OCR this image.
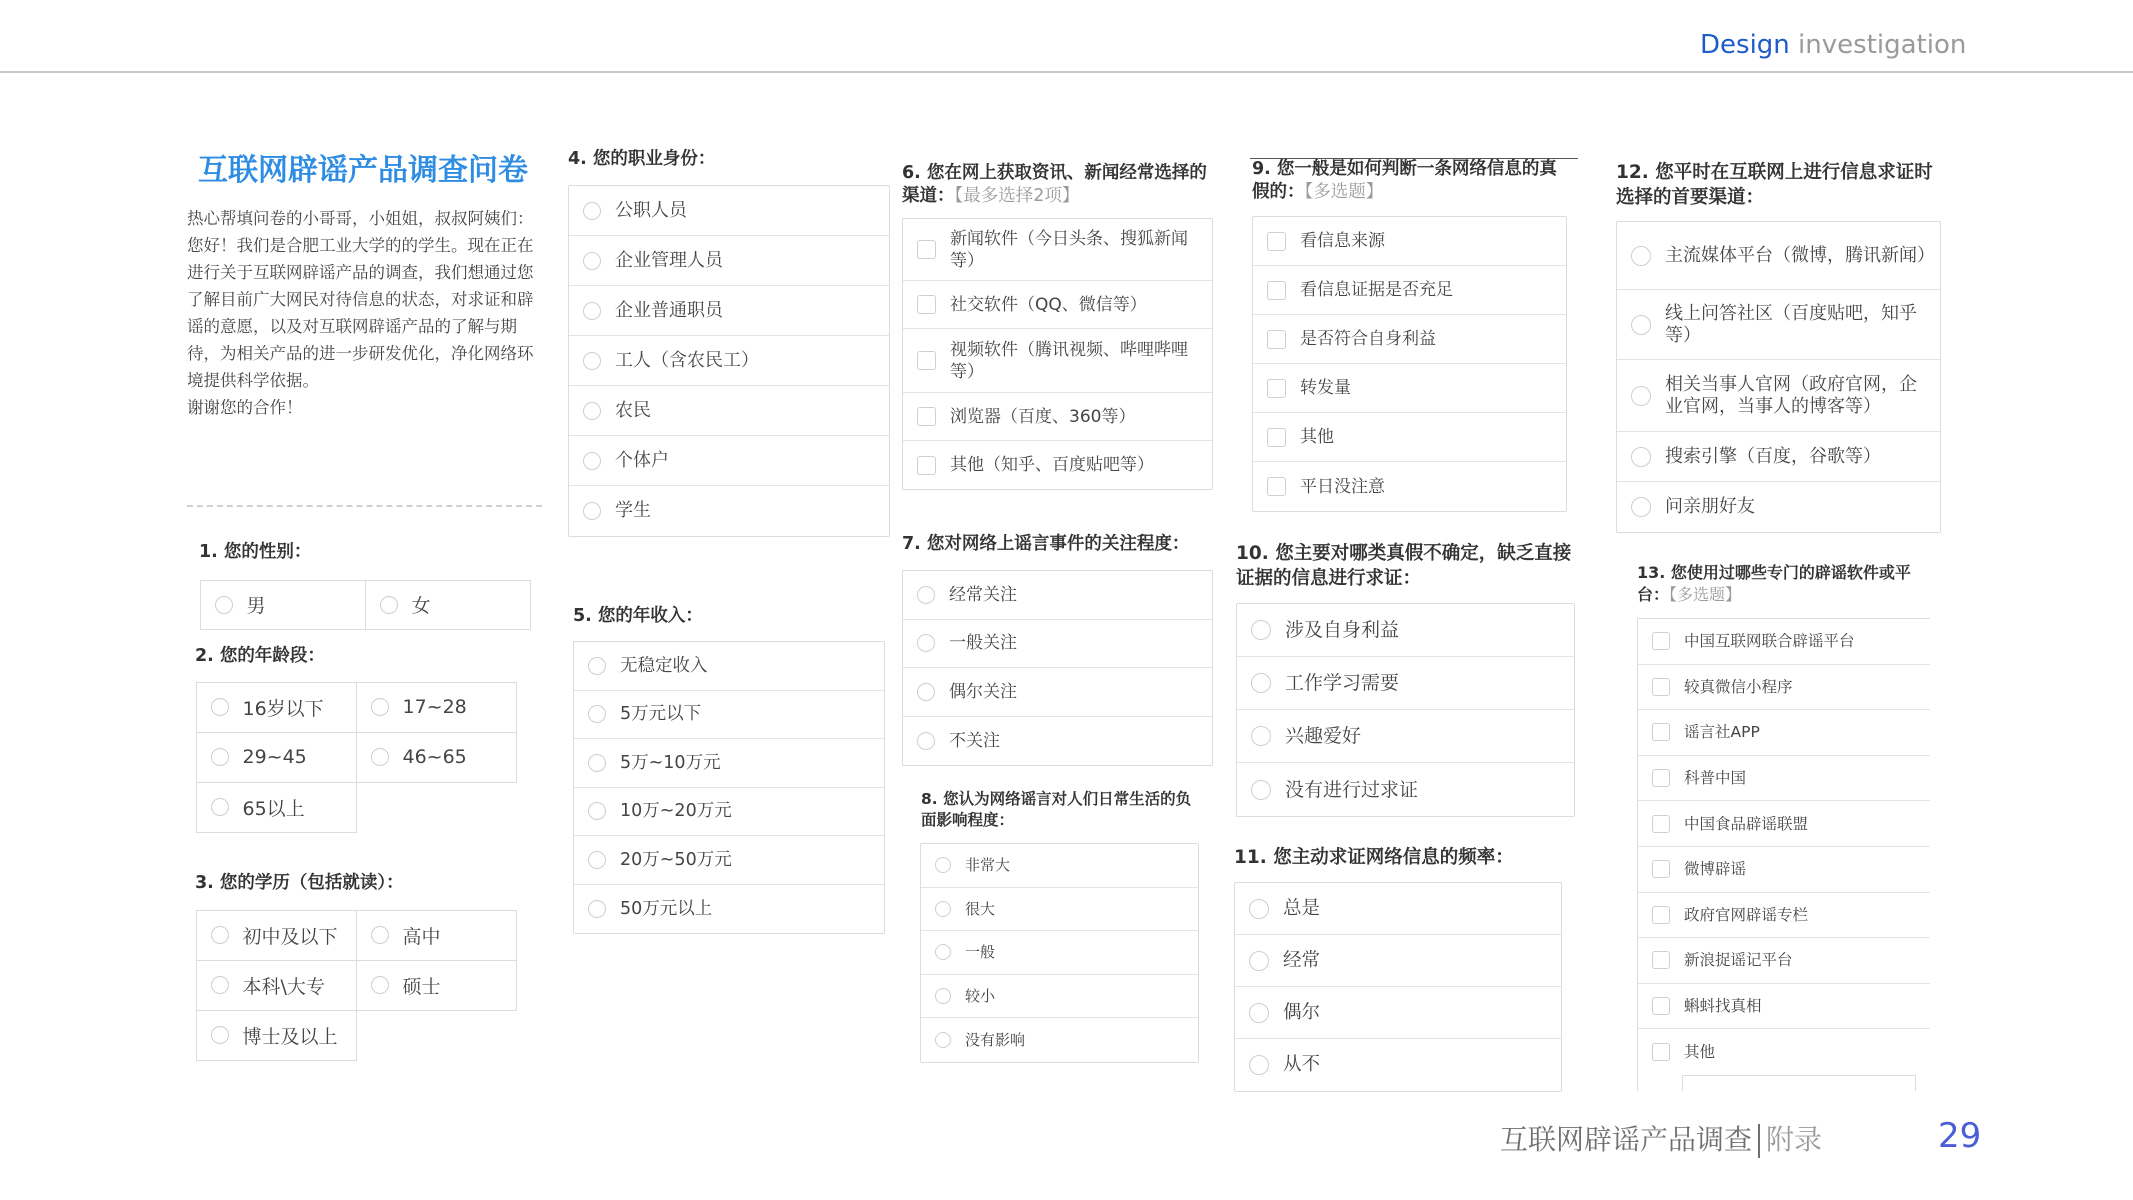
Design investigation
互联网辟谣产品调查问卷

热心帮填问卷的小哥哥，小姐姐，叔叔阿姨们：

您好！我们是合肥工业大学的的学生。现在正在进行关于互联网辟谣产品的调查，我们想通过您了解目前广大网民对待信息的状态，对求证和辟谣的意愿，以及对互联网辟谣产品的了解与期待，为相关产品的进一步研发优化，净化网络环境提供科学依据。

谢谢您的合作！

1. 您的性别：
男	女
2. 您的年龄段：
16岁以下	17~28
29~45	46~65
65以上
3. 您的学历（包括就读）：
初中及以下	高中
本科\大专	硕士
博士及以上
4. 您的职业身份：
公职人员
企业管理人员
企业普通职员
工人（含农民工）
农民
个体户
学生
5. 您的年收入：
无稳定收入
5万元以下
5万~10万元
10万~20万元
20万~50万元
50万元以上
6. 您在网上获取资讯、新闻经常选择的渠道：【最多选择2项】
新闻软件（今日头条、搜狐新闻等）
社交软件（QQ、微信等）
视频软件（腾讯视频、哔哩哔哩等）
浏览器（百度、360等）
其他（知乎、百度贴吧等）
7. 您对网络上谣言事件的关注程度：
经常关注
一般关注
偶尔关注
不关注
8. 您认为网络谣言对人们日常生活的负面影响程度：
非常大
很大
一般
较小
没有影响
9. 您一般是如何判断一条网络信息的真假的：【多选题】
看信息来源
看信息证据是否充足
是否符合自身利益
转发量
其他
平日没注意
10. 您主要对哪类真假不确定，缺乏直接证据的信息进行求证：
涉及自身利益
工作学习需要
兴趣爱好
没有进行过求证
11. 您主动求证网络信息的频率：
总是
经常
偶尔
从不
12. 您平时在互联网上进行信息求证时选择的首要渠道：
主流媒体平台（微博，腾讯新闻）
线上问答社区（百度贴吧，知乎等）
相关当事人官网（政府官网，企业官网，当事人的博客等）
搜索引擎（百度，谷歌等）
问亲朋好友
13. 您使用过哪些专门的辟谣软件或平台：【多选题】
中国互联网联合辟谣平台
较真微信小程序
谣言社APP
科普中国
中国食品辟谣联盟
微博辟谣
政府官网辟谣专栏
新浪捉谣记平台
蝌蚪找真相
其他
互联网辟谣产品调查 附录	29
